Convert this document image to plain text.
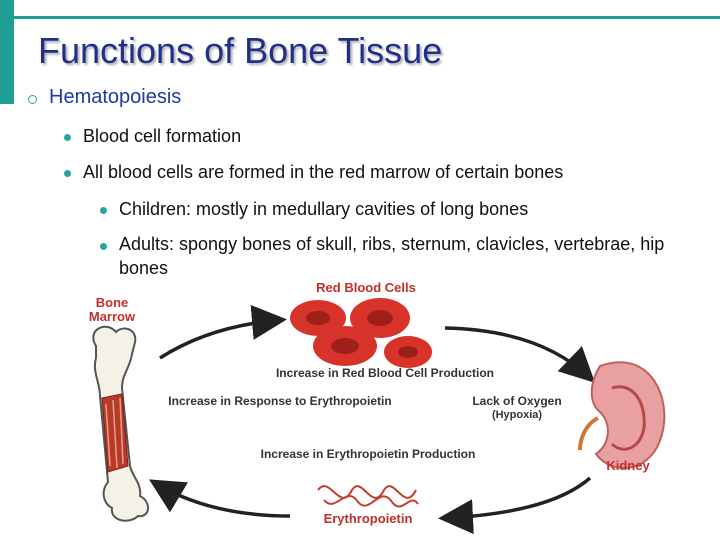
Functions of Bone Tissue
Hematopoiesis
Blood cell formation
All blood cells are formed in the red marrow of certain bones
Children: mostly in medullary cavities of long bones
Adults: spongy bones of skull, ribs, sternum, clavicles, vertebrae, hip bones
Bone
Marrow
Red Blood Cells
Increase in Red Blood Cell Production
Increase in Response to Erythropoietin	Lack of Oxygen
(Hypoxia)
Increase in Erythropoietin Production
Kidney
Erythropoietin
